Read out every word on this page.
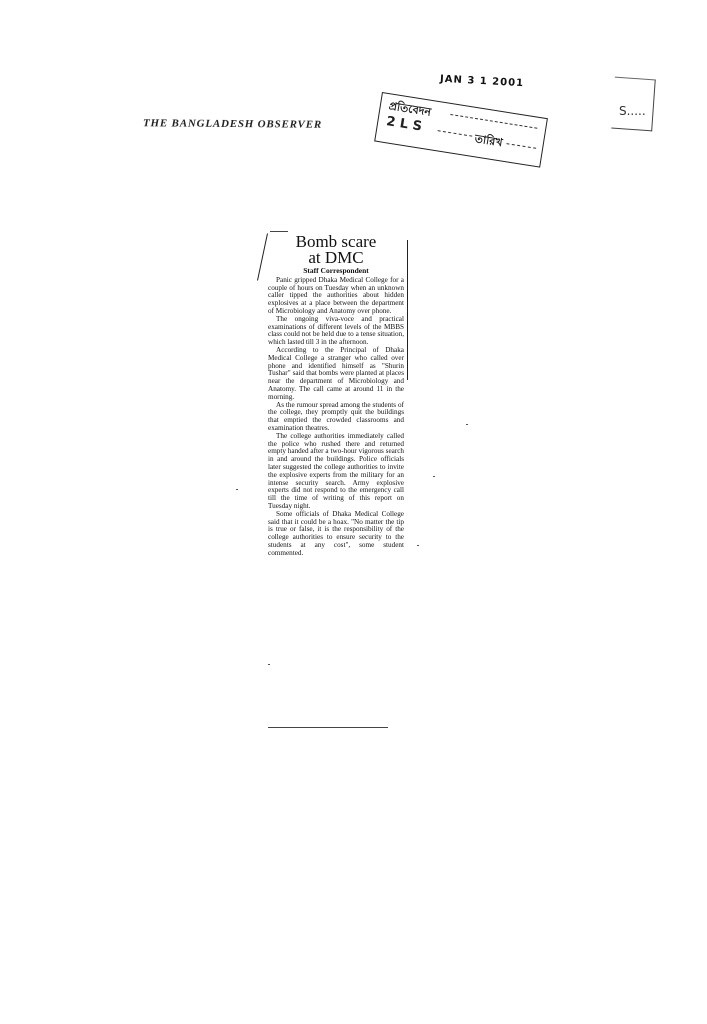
THE BANGLADESH OBSERVER
JAN 3 1 2001
প্রতিবেদন
2 L S
তারিখ
S.....
Bomb scare
at DMC
Staff Correspondent

Panic gripped Dhaka Medical College for a couple of hours on Tuesday when an unknown caller tipped the authorities about hidden explosives at a place between the department of Microbiology and Anatomy over phone.

The ongoing viva-voce and practical examinations of different levels of the MBBS class could not be held due to a tense situation, which lasted till 3 in the afternoon.

According to the Principal of Dhaka Medical College a stranger who called over phone and identified himself as "Shurin Tushar" said that bombs were planted at places near the department of Microbiology and Anatomy. The call came at around 11 in the morning.

As the rumour spread among the students of the college, they promptly quit the buildings that emptied the crowded classrooms and examination theatres.

The college authorities immediately called the police who rushed there and returned empty handed after a two-hour vigorous search in and around the buildings. Police officials later suggested the college authorities to invite the explosive experts from the military for an intense security search. Army explosive experts did not respond to the emergency call till the time of writing of this report on Tuesday night.

Some officials of Dhaka Medical College said that it could be a hoax. "No matter the tip is true or false, it is the responsibility of the college authorities to ensure security to the students at any cost", some student commented.
